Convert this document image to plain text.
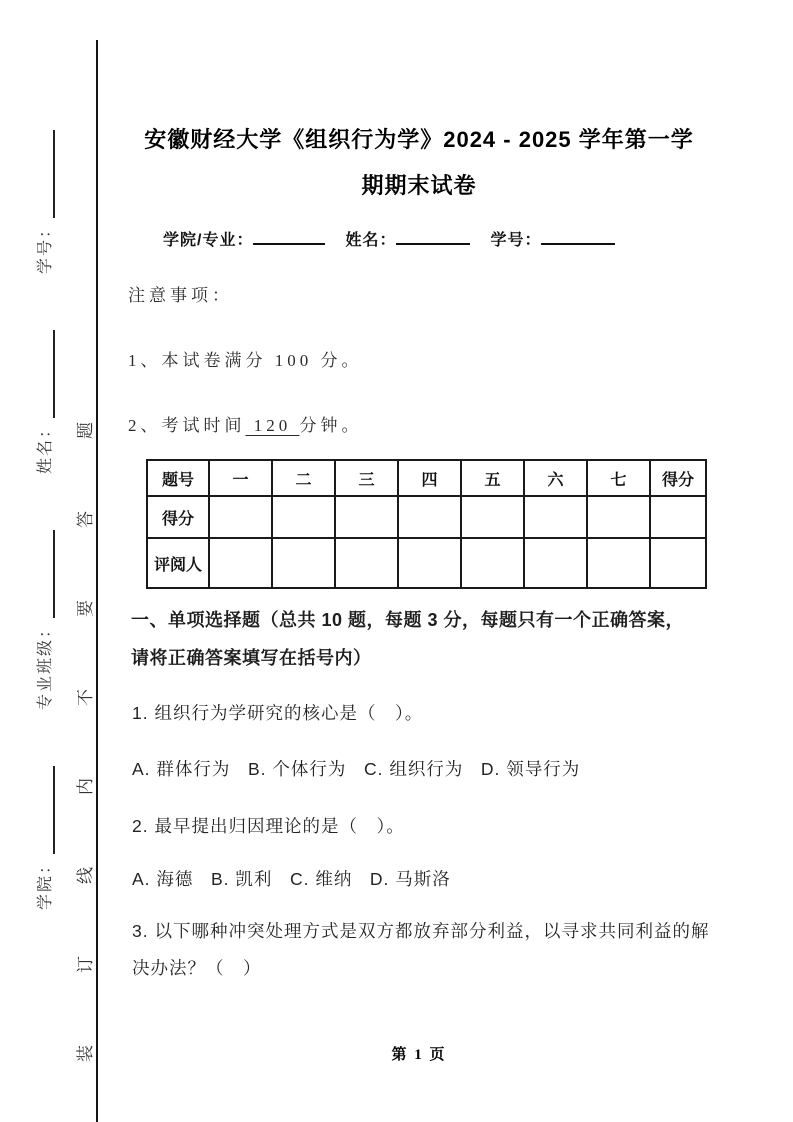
学院：
专业班级：
姓名：
学号：
装订线内不要答题
安徽财经大学《组织行为学》2024 - 2025 学年第一学
期期末试卷
学院/专业：	姓名：	学号：
注意事项：
1、本试卷满分 100 分。
2、考试时间 120 分钟。
题号	一	二	三	四	五	六	七	得分
得分								
评阅人								
一、单项选择题（总共 10 题，每题 3 分，每题只有一个正确答案，
请将正确答案填写在括号内）
1. 组织行为学研究的核心是（　）。
A. 群体行为   B. 个体行为   C. 组织行为   D. 领导行为
2. 最早提出归因理论的是（　）。
A. 海德   B. 凯利   C. 维纳   D. 马斯洛
3. 以下哪种冲突处理方式是双方都放弃部分利益，以寻求共同利益的解
决办法？（　）
第 1 页
